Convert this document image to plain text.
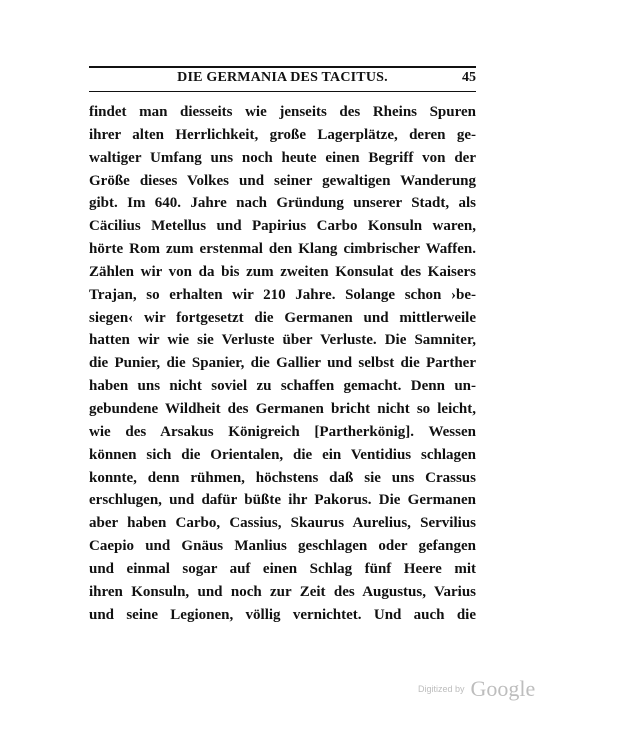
DIE GERMANIA DES TACITUS.	45
findet man diesseits wie jenseits des Rheins Spuren
ihrer alten Herrlichkeit, große Lagerplätze, deren ge-
waltiger Umfang uns noch heute einen Begriff von der
Größe dieses Volkes und seiner gewaltigen Wanderung
gibt. Im 640. Jahre nach Gründung unserer Stadt, als
Cäcilius Metellus und Papirius Carbo Konsuln waren,
hörte Rom zum erstenmal den Klang cimbrischer Waffen.
Zählen wir von da bis zum zweiten Konsulat des Kaisers
Trajan, so erhalten wir 210 Jahre. Solange schon ›be-
siegen‹ wir fortgesetzt die Germanen und mittlerweile
hatten wir wie sie Verluste über Verluste. Die Samniter,
die Punier, die Spanier, die Gallier und selbst die Parther
haben uns nicht soviel zu schaffen gemacht. Denn un-
gebundene Wildheit des Germanen bricht nicht so leicht,
wie des Arsakus Königreich [Partherkönig]. Wessen
können sich die Orientalen, die ein Ventidius schlagen
konnte, denn rühmen, höchstens daß sie uns Crassus
erschlugen, und dafür büßte ihr Pakorus. Die Germanen
aber haben Carbo, Cassius, Skaurus Aurelius, Servilius
Caepio und Gnäus Manlius geschlagen oder gefangen
und einmal sogar auf einen Schlag fünf Heere mit
ihren Konsuln, und noch zur Zeit des Augustus, Varius
und seine Legionen, völlig vernichtet. Und auch die
Digitized by Google
